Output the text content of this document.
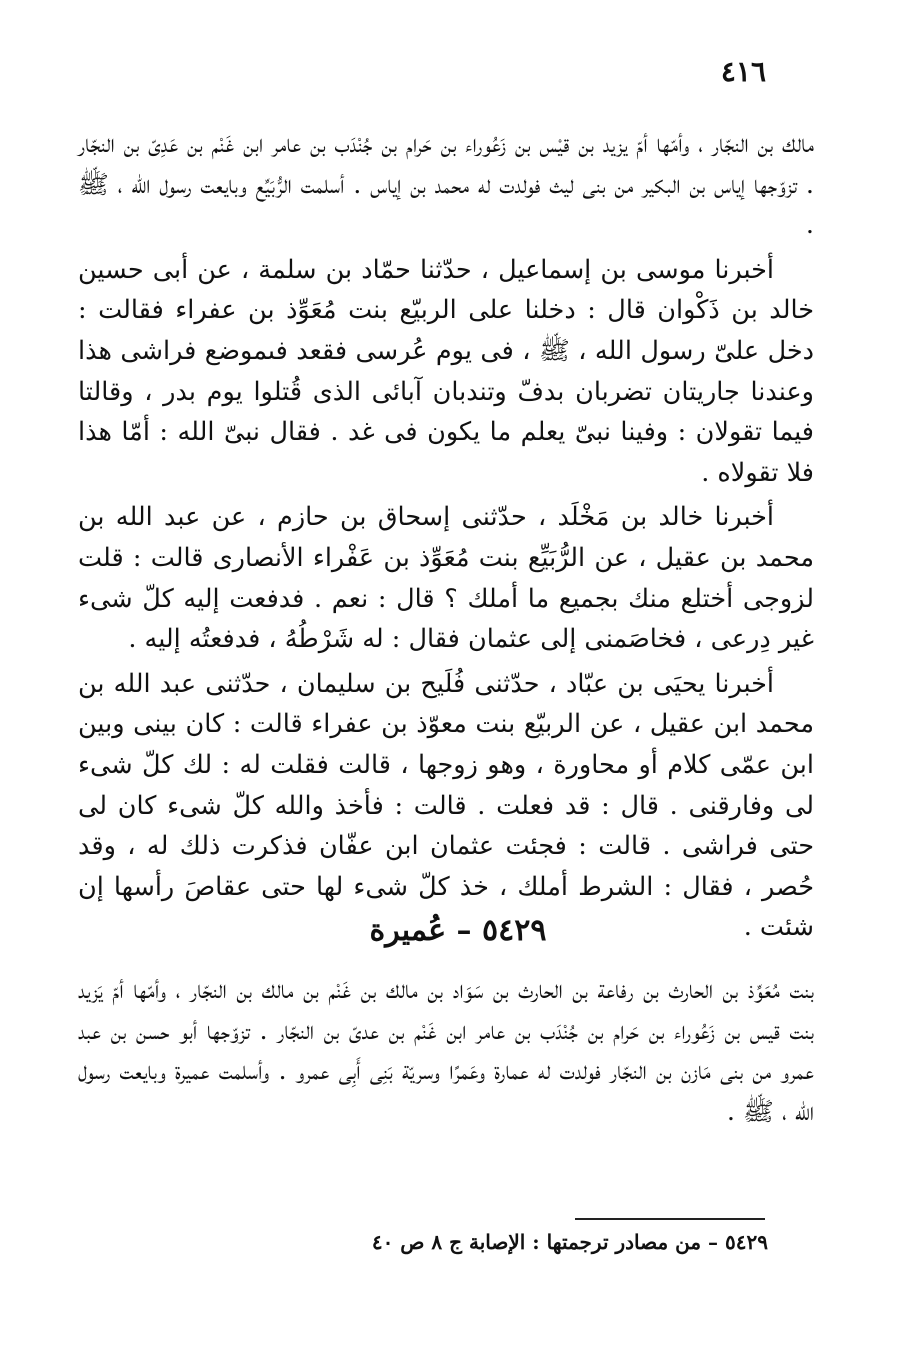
٤١٦

مالك بن النجّار ، وأمّها أمّ يزيد بن قيْس بن زَعُوراء بن حَرام بن جُنْدَب بن عامر ابن غَنْم بن عَدِىّ بن النجّار . تزوّجها إياس بن البكير من بنى ليث فولدت له محمد بن إياس . أسلمت الرُّبَيِّع وبايعت رسول الله ، ﷺ .

أخبرنا موسى بن إسماعيل ، حدّثنا حمّاد بن سلمة ، عن أبى حسين خالد بن ذَكْوان قال : دخلنا على الربيّع بنت مُعَوِّذ بن عفراء فقالت : دخل علىّ رسول الله ، ﷺ ، فى يوم عُرسى فقعد فىموضع فراشى هذا وعندنا جاريتان تضربان بدفّ وتندبان آبائى الذى قُتلوا يوم بدر ، وقالتا فيما تقولان : وفينا نبىّ يعلم ما يكون فى غد . فقال نبىّ الله : أمّا هذا فلا تقولاه .

أخبرنا خالد بن مَخْلَد ، حدّثنى إسحاق بن حازم ، عن عبد الله بن محمد بن عقيل ، عن الرُّبَيِّع بنت مُعَوِّذ بن عَفْراء الأنصارى قالت : قلت لزوجى أختلع منك بجميع ما أملك ؟ قال : نعم . فدفعت إليه كلّ شىء غير دِرعى ، فخاصَمنى إلى عثمان فقال : له شَرْطُهُ ، فدفعتُه إليه .

أخبرنا يحيَى بن عبّاد ، حدّثنى فُلَيح بن سليمان ، حدّثنى عبد الله بن محمد ابن عقيل ، عن الربيّع بنت معوّذ بن عفراء قالت : كان بينى وبين ابن عمّى كلام أو محاورة ، وهو زوجها ، قالت فقلت له : لك كلّ شىء لى وفارقنى . قال : قد فعلت . قالت : فأخذ والله كلّ شىء كان لى حتى فراشى . قالت : فجئت عثمان ابن عفّان فذكرت ذلك له ، وقد حُصر ، فقال : الشرط أملك ، خذ كلّ شىء لها حتى عقاصَ رأسها إن شئت .

٥٤٢٩ – عُميرة

بنت مُعَوِّذ بن الحارث بن رفاعة بن الحارث بن سَوَاد بن مالك بن غَنْم بن مالك بن النجّار ، وأمّها أمّ يَزيد بنت قيس بن زَعُوراء بن حَرام بن جُنْدَب بن عامر ابن غَنْم بن عدىّ بن النجّار . تزوّجها أبو حسن بن عبد عمرو من بنى مَازن بن النجّار فولدت له عمارة وعَمرًا وسريّة بَنِى أَبِى عمرو . وأسلمت عميرة وبايعت رسول الله ، ﷺ .

٥٤٢٩ – من مصادر ترجمتها : الإصابة ج ٨ ص ٤٠
